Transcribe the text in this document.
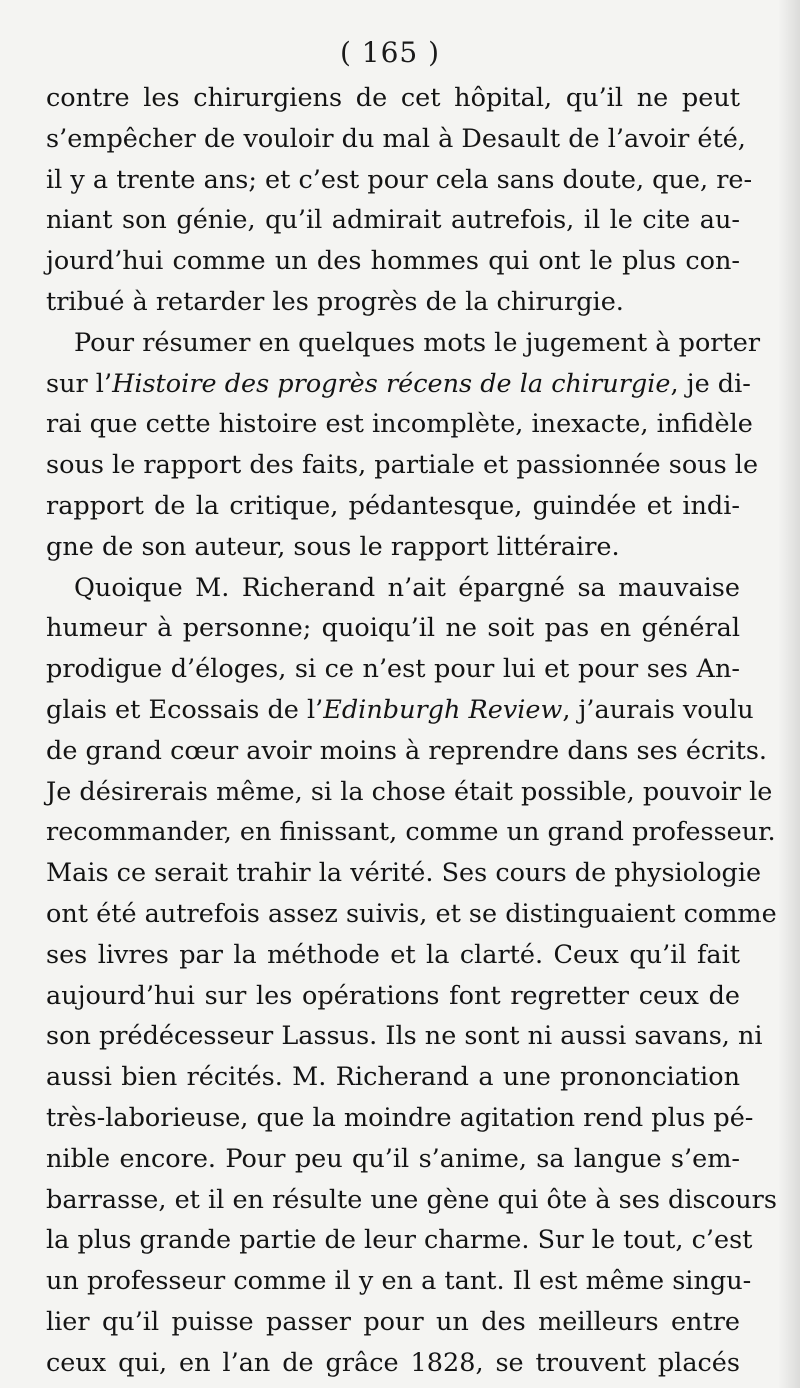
( 165 )
contre les chirurgiens de cet hôpital, qu’il ne peut
s’empêcher de vouloir du mal à Desault de l’avoir été,
il y a trente ans; et c’est pour cela sans doute, que, re-
niant son génie, qu’il admirait autrefois, il le cite au-
jourd’hui comme un des hommes qui ont le plus con-
tribué à retarder les progrès de la chirurgie.
Pour résumer en quelques mots le jugement à porter
sur l’Histoire des progrès récens de la chirurgie, je di-
rai que cette histoire est incomplète, inexacte, infidèle
sous le rapport des faits, partiale et passionnée sous le
rapport de la critique, pédantesque, guindée et indi-
gne de son auteur, sous le rapport littéraire.
Quoique M. Richerand n’ait épargné sa mauvaise
humeur à personne; quoiqu’il ne soit pas en général
prodigue d’éloges, si ce n’est pour lui et pour ses An-
glais et Ecossais de l’Edinburgh Review, j’aurais voulu
de grand cœur avoir moins à reprendre dans ses écrits.
Je désirerais même, si la chose était possible, pouvoir le
recommander, en finissant, comme un grand professeur.
Mais ce serait trahir la vérité. Ses cours de physiologie
ont été autrefois assez suivis, et se distinguaient comme
ses livres par la méthode et la clarté. Ceux qu’il fait
aujourd’hui sur les opérations font regretter ceux de
son prédécesseur Lassus. Ils ne sont ni aussi savans, ni
aussi bien récités. M. Richerand a une prononciation
très-laborieuse, que la moindre agitation rend plus pé-
nible encore. Pour peu qu’il s’anime, sa langue s’em-
barrasse, et il en résulte une gène qui ôte à ses discours
la plus grande partie de leur charme. Sur le tout, c’est
un professeur comme il y en a tant. Il est même singu-
lier qu’il puisse passer pour un des meilleurs entre
ceux qui, en l’an de grâce 1828, se trouvent placés
